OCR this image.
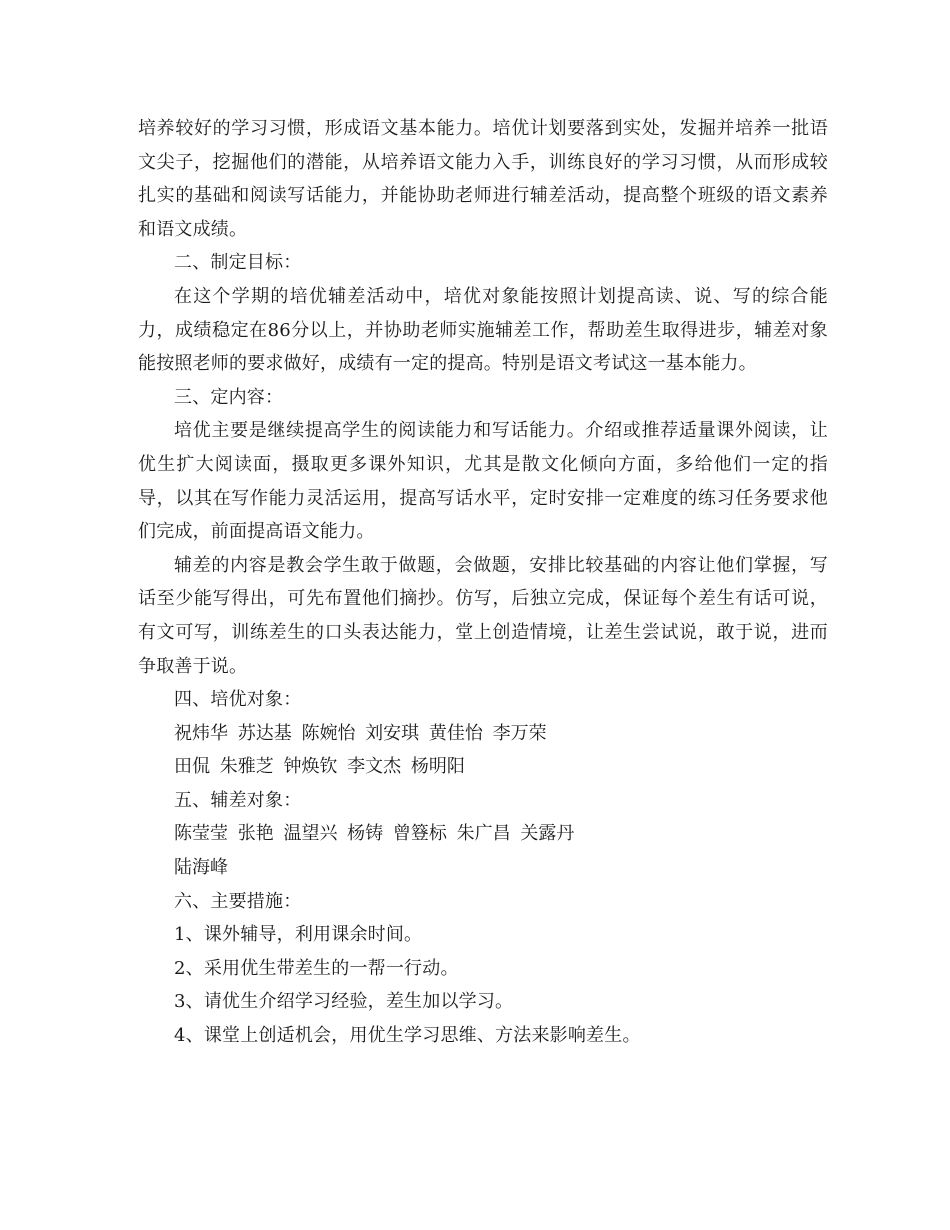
培养较好的学习习惯，形成语文基本能力。培优计划要落到实处，发掘并培养一批语文尖子，挖掘他们的潜能，从培养语文能力入手，训练良好的学习习惯，从而形成较扎实的基础和阅读写话能力，并能协助老师进行辅差活动，提高整个班级的语文素养和语文成绩。

二、制定目标：

在这个学期的培优辅差活动中，培优对象能按照计划提高读、说、写的综合能力，成绩稳定在86分以上，并协助老师实施辅差工作，帮助差生取得进步，辅差对象能按照老师的要求做好，成绩有一定的提高。特别是语文考试这一基本能力。

三、定内容：

培优主要是继续提高学生的阅读能力和写话能力。介绍或推荐适量课外阅读，让优生扩大阅读面，摄取更多课外知识，尤其是散文化倾向方面，多给他们一定的指导，以其在写作能力灵活运用，提高写话水平，定时安排一定难度的练习任务要求他们完成，前面提高语文能力。

辅差的内容是教会学生敢于做题，会做题，安排比较基础的内容让他们掌握，写话至少能写得出，可先布置他们摘抄。仿写，后独立完成，保证每个差生有话可说，有文可写，训练差生的口头表达能力，堂上创造情境，让差生尝试说，敢于说，进而争取善于说。

四、培优对象：

祝炜华 苏达基 陈婉怡 刘安琪 黄佳怡 李万荣

田侃 朱雅芝 钟焕钦 李文杰 杨明阳

五、辅差对象：

陈莹莹 张艳 温望兴 杨铸 曾簦标 朱广昌 关露丹

陆海峰

六、主要措施：

1、课外辅导，利用课余时间。

2、采用优生带差生的一帮一行动。

3、请优生介绍学习经验，差生加以学习。

4、课堂上创适机会，用优生学习思维、方法来影响差生。
